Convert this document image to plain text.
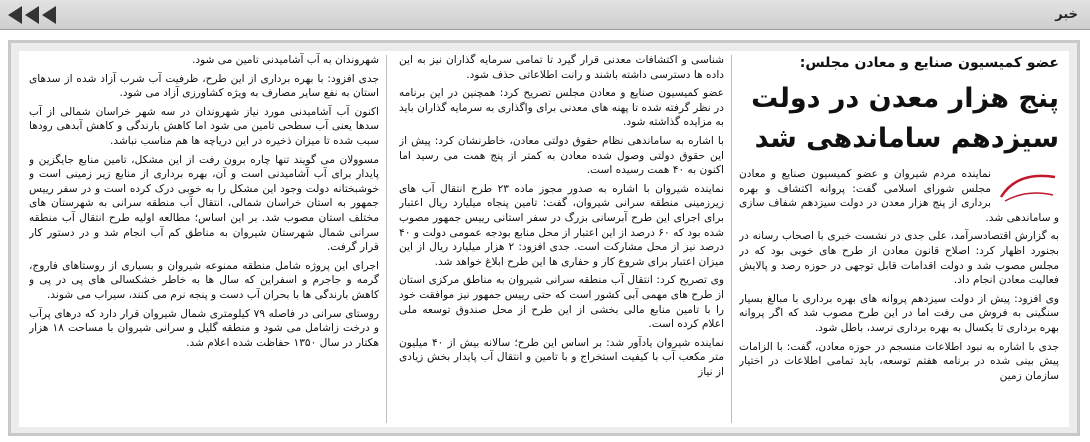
خبر
عضو کمیسیون صنایع و معادن مجلس:
پنج هزار معدن در دولت سیزدهم ساماندهی شد

نماینده مردم شیروان و عضو کمیسیون صنایع و معادن مجلس شورای اسلامی گفت: پروانه اکتشاف و بهره برداری از پنج هزار معدن در دولت سیزدهم شفاف سازی و ساماندهی شد.

به گزارش اقتصادسرآمد، علی جدی در نشست خبری با اصحاب رسانه در بجنورد اظهار کرد: اصلاح قانون معادن از طرح های خوبی بود که در مجلس مصوب شد و دولت اقدامات قابل توجهی در حوزه رصد و پالایش فعالیت معادن انجام داد.

وی افزود: پیش از دولت سیزدهم پروانه های بهره برداری با مبالغ بسیار سنگینی به فروش می رفت اما در این طرح مصوب شد که اگر پروانه بهره برداری تا یکسال به بهره برداری نرسد، باطل شود.

جدی با اشاره به نبود اطلاعات منسجم در حوزه معادن، گفت: با الزامات پیش بینی شده در برنامه هفتم توسعه، باید تمامی اطلاعات در اختیار سازمان زمین

شناسی و اکتشافات معدنی قرار گیرد تا تمامی سرمایه گذاران نیز به این داده ها دسترسی داشته باشند و رانت اطلاعاتی حذف شود.

عضو کمیسیون صنایع و معادن مجلس تصریح کرد: همچنین در این برنامه در نظر گرفته شده تا پهنه های معدنی برای واگذاری به سرمایه گذاران باید به مزایده گذاشته شود.

با اشاره به ساماندهی نظام حقوق دولتی معادن، خاطرنشان کرد: پیش از این حقوق دولتی وصول شده معادن به کمتر از پنج همت می رسید اما اکنون به ۴۰ همت رسیده است.

نماینده شیروان با اشاره به صدور مجوز ماده ۲۳ طرح انتقال آب های زیرزمینی منطقه سرانی شیروان، گفت: تامین پنجاه میلیارد ریال اعتبار برای اجرای این طرح آبرسانی بزرگ در سفر استانی رییس جمهور مصوب شده بود که ۶۰ درصد از این اعتبار از محل منابع بودجه عمومی دولت و ۴۰ درصد نیز از محل مشارکت است. جدی افزود: ۲ هزار میلیارد ریال از این میزان اعتبار برای شروع کار و حفاری ها این طرح ابلاغ خواهد شد.

وی تصریح کرد: انتقال آب منطقه سرانی شیروان به مناطق مرکزی استان از طرح های مهمی آبی کشور است که حتی رییس جمهور نیز موافقت خود را با تامین منابع مالی بخشی از این طرح از محل صندوق توسعه ملی اعلام کرده است.

نماینده شیروان یادآور شد: بر اساس این طرح؛ سالانه بیش از ۴۰ میلیون متر مکعب آب با کیفیت استخراج و با تامین و انتقال آب پایدار بخش زیادی از نیاز

شهروندان به آب آشامیدنی تامین می شود.

جدی افزود: با بهره برداری از این طرح، ظرفیت آب شرب آزاد شده از سدهای استان به نفع سایر مصارف به ویژه کشاورزی آزاد می شود.

اکنون آب آشامیدنی مورد نیاز شهروندان در سه شهر خراسان شمالی از آب سدها یعنی آب سطحی تامین می شود اما کاهش بارندگی و کاهش آبدهی رودها سبب شده تا میزان ذخیره در این دریاچه ها هم مناسب نباشد.

مسوولان می گویند تنها چاره برون رفت از این مشکل، تامین منابع جایگزین و پایدار برای آب آشامیدنی است و آن، بهره برداری از منابع زیر زمینی است و خوشبختانه دولت وجود این مشکل را به خوبی درک کرده است و در سفر رییس جمهور به استان خراسان شمالی، انتقال آب منطقه سرانی به شهرستان های مختلف استان مصوب شد. بر این اساس؛ مطالعه اولیه طرح انتقال آب منطقه سرانی شمال شهرستان شیروان به مناطق کم آب انجام شد و در دستور کار قرار گرفت.

اجرای این پروژه شامل منطقه ممنوعه شیروان و بسیاری از روستاهای فاروج، گرمه و جاجرم و اسفراین که سال ها به خاطر خشکسالی های پی در پی و کاهش بارندگی ها با بحران آب دست و پنجه نرم می کنند، سیراب می شوند.

روستای سرانی در فاصله ۷۹ کیلومتری شمال شیروان قرار دارد که درهای پرآب و درخت زاشامل می شود و منطقه گلیل و سرانی شیروان با مساحت ۱۸ هزار هکتار در سال ۱۳۵۰ حفاظت شده اعلام شد.
